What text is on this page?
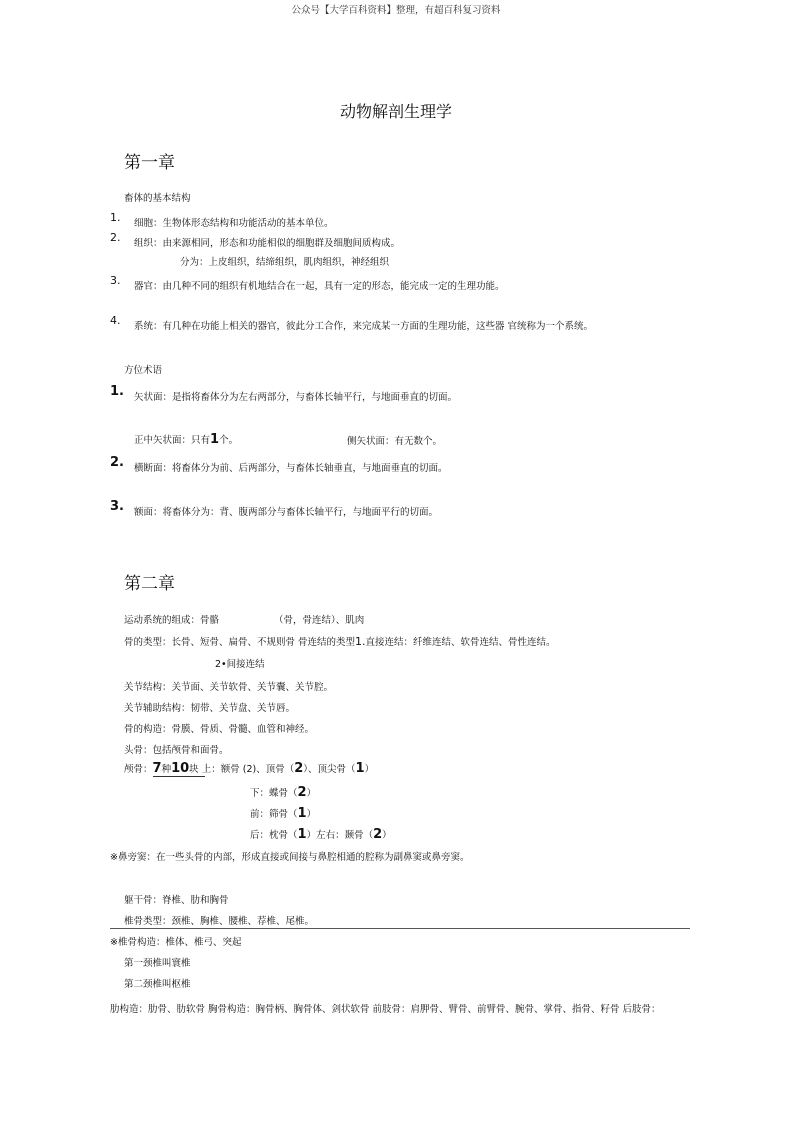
公众号【大学百科资料】整理，有超百科复习资料
动物解剖生理学
第一章
畜体的基本结构
1. 细胞：生物体形态结构和功能活动的基本单位。
2. 组织：由来源相同，形态和功能相似的细胞群及细胞间质构成。
分为：上皮组织，结缔组织，肌肉组织，神经组织
3. 器官：由几种不同的组织有机地结合在一起，具有一定的形态，能完成一定的生理功能。
4. 系统：有几种在功能上相关的器官，彼此分工合作，来完成某一方面的生理功能，这些器 官统称为一个系统。
方位术语
1. 矢状面：是指将畜体分为左右两部分，与畜体长轴平行，与地面垂直的切面。
正中矢状面：只有1个。	侧矢状面：有无数个。
2. 横断面：将畜体分为前、后两部分，与畜体长轴垂直，与地面垂直的切面。
3. 额面：将畜体分为：背、腹两部分与畜体长轴平行，与地面平行的切面。
第二章
运动系统的组成：骨骼	（骨，骨连结）、肌肉
骨的类型：长骨、短骨、扁骨、不规则骨 骨连结的类型1.直接连结：纤维连结、软骨连结、骨性连结。
2•间接连结
关节结构：关节面、关节软骨、关节囊、关节腔。
关节辅助结构：韧带、关节盘、关节唇。
骨的构造：骨膜、骨质、骨髓、血管和神经。
头骨：包括颅骨和面骨。
颅骨：7种10块 上：额骨 (2)、顶骨（2）、顶尖骨（1）
下：蝶骨（2）
前：筛骨（1）
后：枕骨（1）左右：颞骨（2）
※鼻旁窦：在一些头骨的内部，形成直接或间接与鼻腔相通的腔称为副鼻窦或鼻旁窦。
躯干骨：脊椎、肋和胸骨
椎骨类型：颈椎、胸椎、腰椎、荐椎、尾椎。
※椎骨构造：椎体、椎弓、突起
第一颈椎叫寰椎
第二颈椎叫枢椎
肋构造：肋骨、肋软骨 胸骨构造：胸骨柄、胸骨体、剑状软骨 前肢骨：肩胛骨、臂骨、前臂骨、腕骨、掌骨、指骨、籽骨 后肢骨：
